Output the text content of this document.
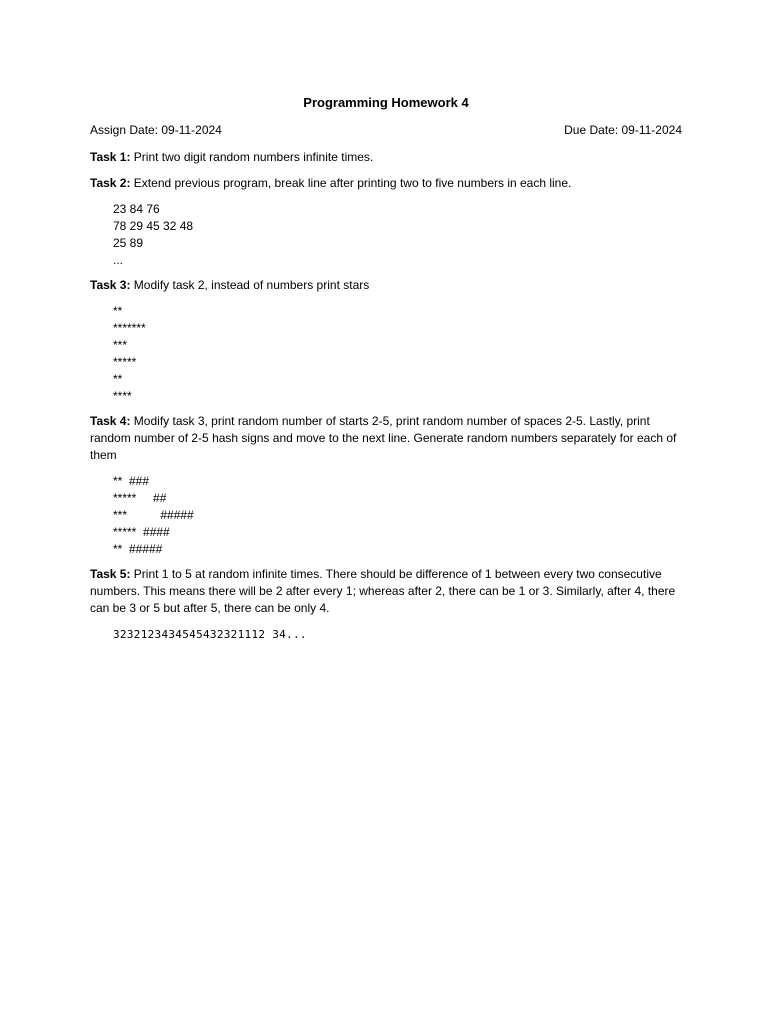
Programming Homework 4
Assign Date: 09-11-2024	Due Date: 09-11-2024
Task 1: Print two digit random numbers infinite times.
Task 2: Extend previous program, break line after printing two to five numbers in each line.
23 84 76
78 29 45 32 48
25 89
...
Task 3: Modify task 2, instead of numbers print stars
**
*******
***
*****
**
****
Task 4: Modify task 3, print random number of starts 2-5, print random number of spaces 2-5. Lastly, print random number of 2-5 hash signs and move to the next line. Generate random numbers separately for each of them
**  ###
*****     ##
***          #####
*****  ####
**  #####
Task 5: Print 1 to 5 at random infinite times. There should be difference of 1 between every two consecutive numbers. This means there will be 2 after every 1; whereas after 2, there can be 1 or 3. Similarly, after 4, there can be 3 or 5 but after 5, there can be only 4.
3232123434545432321112 34...
